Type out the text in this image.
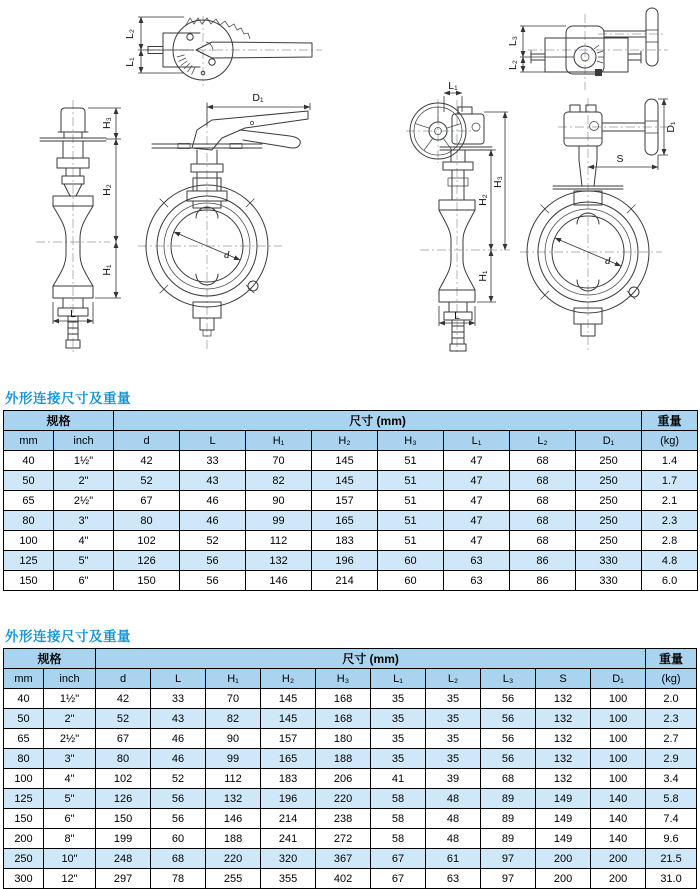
L₂
L₁
H₃
H₂
H₁
L
D₁
d
L₃
L₂
L₁
H₃
H₂
H₁
L
D₁
S
d
外形连接尺寸及重量
规格		尺寸 (mm)								重量
mm	inch	d	L	H₁	H₂	H₃	L₁	L₂	D₁	(kg)
40	1½"	42	33	70	145	51	47	68	250	1.4
50	2"	52	43	82	145	51	47	68	250	1.7
65	2½"	67	46	90	157	51	47	68	250	2.1
80	3"	80	46	99	165	51	47	68	250	2.3
100	4"	102	52	112	183	51	47	68	250	2.8
125	5"	126	56	132	196	60	63	86	330	4.8
150	6"	150	56	146	214	60	63	86	330	6.0
外形连接尺寸及重量
规格		尺寸 (mm)										重量
mm	inch	d	L	H₁	H₂	H₃	L₁	L₂	L₃	S	D₁	(kg)
40	1½"	42	33	70	145	168	35	35	56	132	100	2.0
50	2"	52	43	82	145	168	35	35	56	132	100	2.3
65	2½"	67	46	90	157	180	35	35	56	132	100	2.7
80	3"	80	46	99	165	188	35	35	56	132	100	2.9
100	4"	102	52	112	183	206	41	39	68	132	100	3.4
125	5"	126	56	132	196	220	58	48	89	149	140	5.8
150	6"	150	56	146	214	238	58	48	89	149	140	7.4
200	8"	199	60	188	241	272	58	48	89	149	140	9.6
250	10"	248	68	220	320	367	67	61	97	200	200	21.5
300	12"	297	78	255	355	402	67	63	97	200	200	31.0
